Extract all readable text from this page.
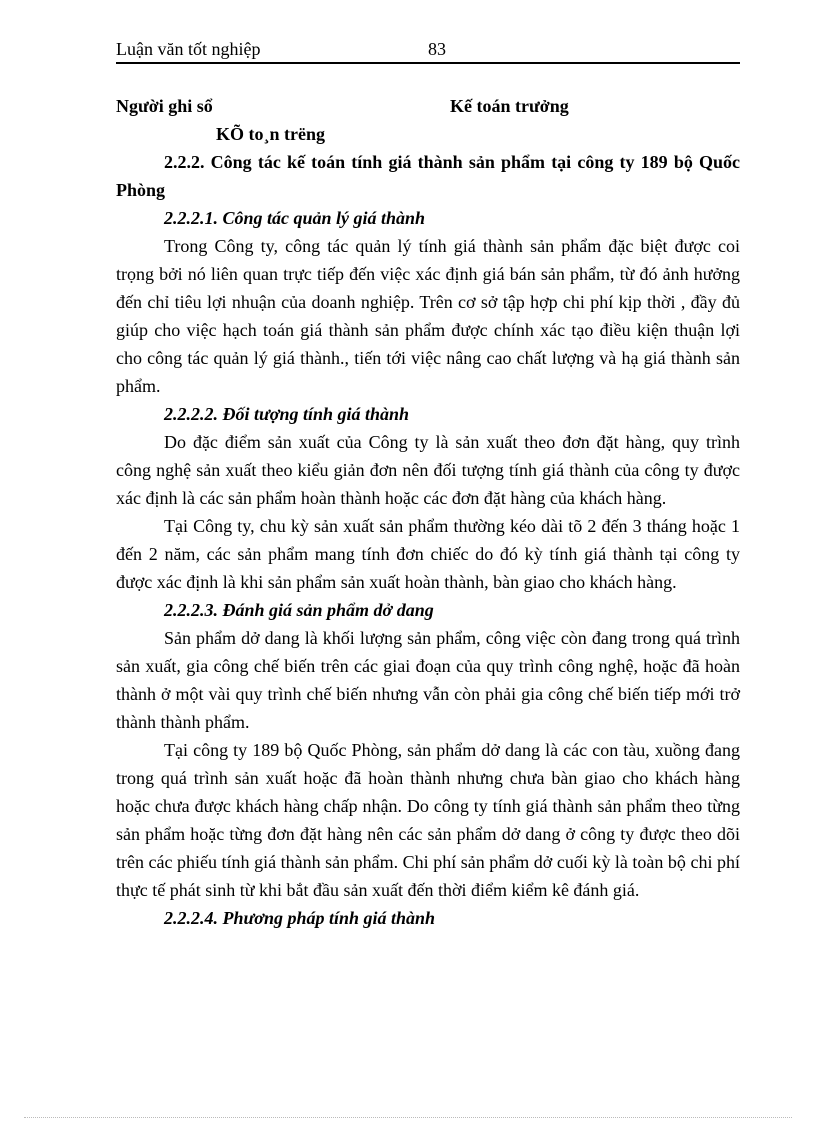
Luận văn tốt nghiệp	83
Người ghi sổ	Kế toán trưởng
KÕ to¸n trëng

2.2.2. Công tác kế toán tính giá thành sản phẩm tại công ty 189 bộ Quốc Phòng

2.2.2.1. Công tác quản lý giá thành

Trong Công ty, công tác quản lý tính giá thành sản phẩm đặc biệt được coi trọng bởi nó liên quan trực tiếp đến việc xác định giá bán sản phẩm, từ đó ảnh hưởng đến chỉ tiêu lợi nhuận của doanh nghiệp. Trên cơ sở tập hợp chi phí kịp thời , đầy đủ giúp cho việc hạch toán giá thành sản phẩm được chính xác tạo điều kiện thuận lợi cho công tác quản lý giá thành., tiến tới việc nâng cao chất lượng và hạ giá thành sản phẩm.

2.2.2.2. Đối tượng tính giá thành

Do đặc điểm sản xuất của Công ty là sản xuất theo đơn đặt hàng, quy trình công nghệ sản xuất theo kiểu giản đơn nên đối tượng tính giá thành của công ty được xác định là các sản phẩm hoàn thành hoặc các đơn đặt hàng của khách hàng.

Tại Công ty, chu kỳ sản xuất sản phẩm thường kéo dài tõ 2 đến 3 tháng hoặc 1 đến 2 năm, các sản phẩm mang tính đơn chiếc do đó kỳ tính giá thành tại công ty được xác định là khi sản phẩm sản xuất hoàn thành, bàn giao cho khách hàng.

2.2.2.3. Đánh giá sản phẩm dở dang

Sản phẩm dở dang là khối lượng sản phẩm, công việc còn đang trong quá trình sản xuất, gia công chế biến trên các giai đoạn của quy trình công nghệ, hoặc đã hoàn thành ở một vài quy trình chế biến nhưng vẫn còn phải gia công chế biến tiếp mới trở thành thành phẩm.

Tại công ty 189 bộ Quốc Phòng, sản phẩm dở dang là các con tàu, xuồng đang trong quá trình sản xuất hoặc đã hoàn thành nhưng chưa bàn giao cho khách hàng hoặc chưa được khách hàng chấp nhận. Do công ty tính giá thành sản phẩm theo từng sản phẩm hoặc từng đơn đặt hàng nên các sản phẩm dở dang ở công ty được theo dõi trên các phiếu tính giá thành sản phẩm. Chi phí sản phẩm dở cuối kỳ là toàn bộ chi phí thực tế phát sinh từ khi bắt đầu sản xuất đến thời điểm kiểm kê đánh giá.

2.2.2.4. Phương pháp tính giá thành
